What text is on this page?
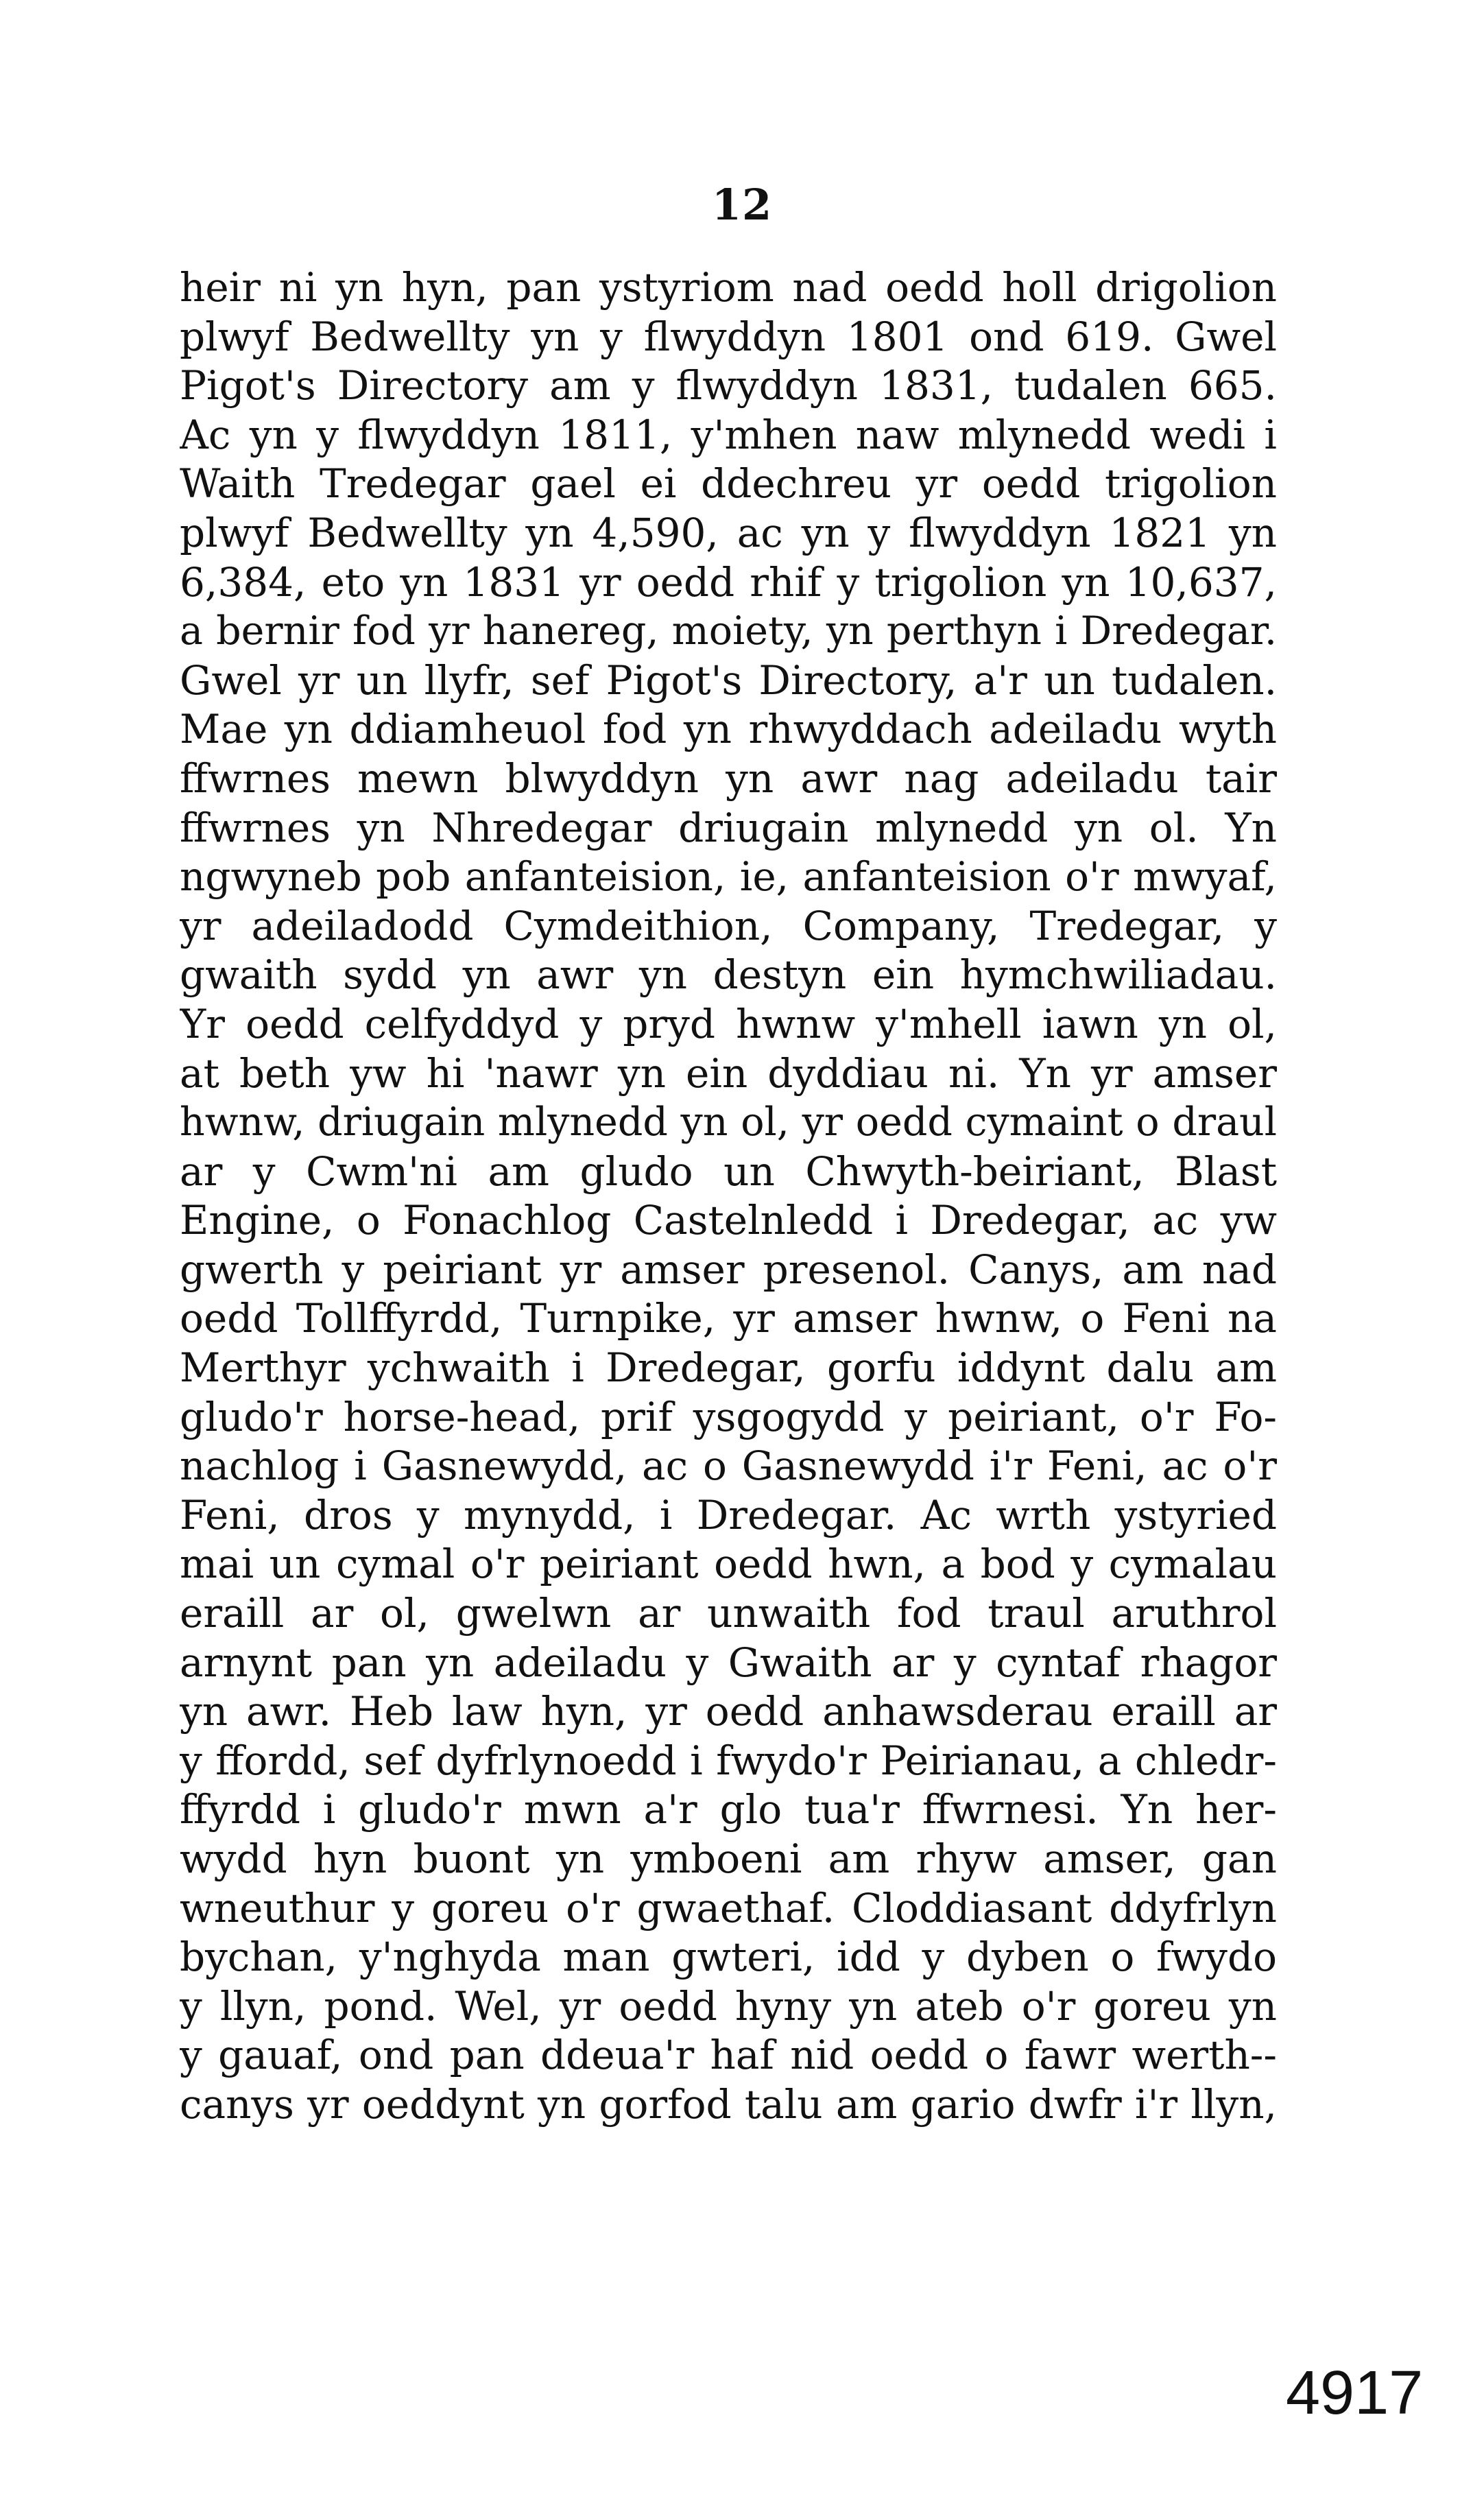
12
heir ni yn hyn, pan ystyriom nad oedd holl drigolion
plwyf Bedwellty yn y flwyddyn 1801 ond 619. Gwel
Pigot's Directory am y flwyddyn 1831, tudalen 665.
Ac yn y flwyddyn 1811, y'mhen naw mlynedd wedi i
Waith Tredegar gael ei ddechreu yr oedd trigolion
plwyf Bedwellty yn 4,590, ac yn y flwyddyn 1821 yn
6,384, eto yn 1831 yr oedd rhif y trigolion yn 10,637,
a bernir fod yr hanereg, moiety, yn perthyn i Dredegar.
Gwel yr un llyfr, sef Pigot's Directory, a'r un tudalen.
Mae yn ddiamheuol fod yn rhwyddach adeiladu wyth
ffwrnes mewn blwyddyn yn awr nag adeiladu tair
ffwrnes yn Nhredegar driugain mlynedd yn ol. Yn
ngwyneb pob anfanteision, ie, anfanteision o'r mwyaf,
yr adeiladodd Cymdeithion, Company, Tredegar, y
gwaith sydd yn awr yn destyn ein hymchwiliadau.
Yr oedd celfyddyd y pryd hwnw y'mhell iawn yn ol,
at beth yw hi 'nawr yn ein dyddiau ni. Yn yr amser
hwnw, driugain mlynedd yn ol, yr oedd cymaint o draul
ar y Cwm'ni am gludo un Chwyth-beiriant, Blast
Engine, o Fonachlog Castelnledd i Dredegar, ac yw
gwerth y peiriant yr amser presenol. Canys, am nad
oedd Tollffyrdd, Turnpike, yr amser hwnw, o Feni na
Merthyr ychwaith i Dredegar, gorfu iddynt dalu am
gludo'r horse-head, prif ysgogydd y peiriant, o'r Fo-
nachlog i Gasnewydd, ac o Gasnewydd i'r Feni, ac o'r
Feni, dros y mynydd, i Dredegar. Ac wrth ystyried
mai un cymal o'r peiriant oedd hwn, a bod y cymalau
eraill ar ol, gwelwn ar unwaith fod traul aruthrol
arnynt pan yn adeiladu y Gwaith ar y cyntaf rhagor
yn awr. Heb law hyn, yr oedd anhawsderau eraill ar
y ffordd, sef dyfrlynoedd i fwydo'r Peirianau, a chledr-
ffyrdd i gludo'r mwn a'r glo tua'r ffwrnesi. Yn her-
wydd hyn buont yn ymboeni am rhyw amser, gan
wneuthur y goreu o'r gwaethaf. Cloddiasant ddyfrlyn
bychan, y'nghyda man gwteri, idd y dyben o fwydo
y llyn, pond. Wel, yr oedd hyny yn ateb o'r goreu yn
y gauaf, ond pan ddeua'r haf nid oedd o fawr werth--
canys yr oeddynt yn gorfod talu am gario dwfr i'r llyn,
4917
